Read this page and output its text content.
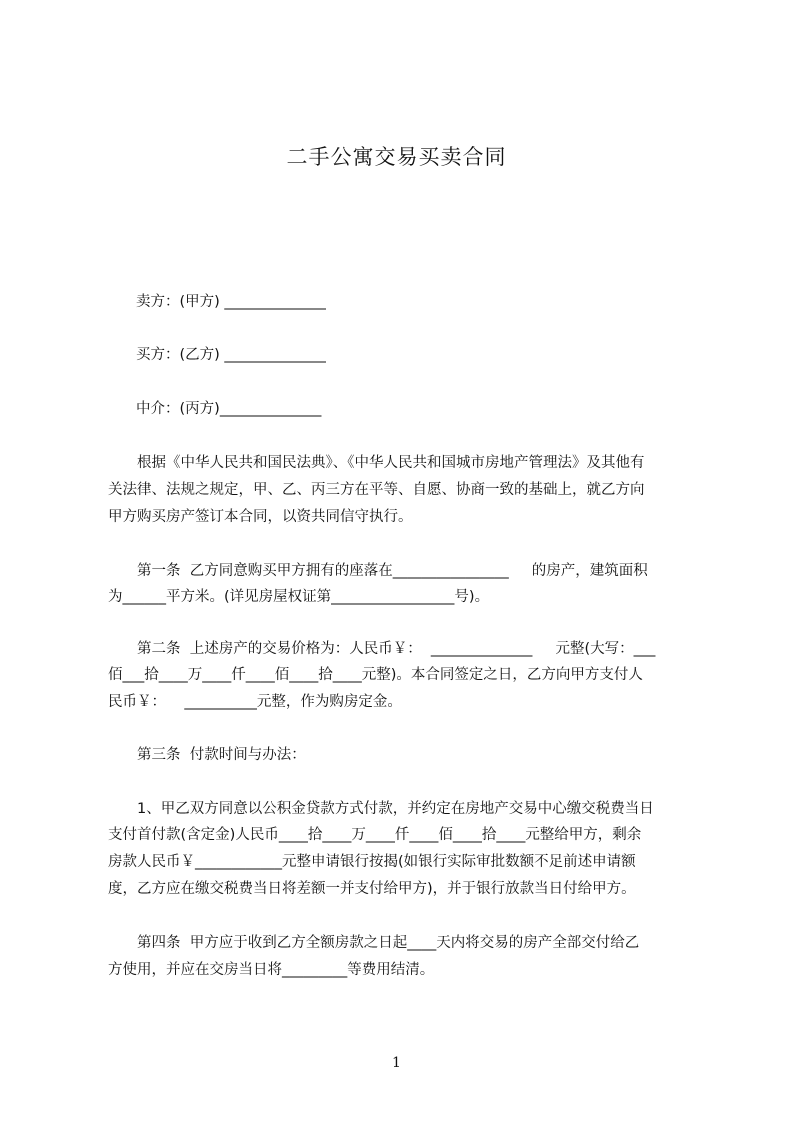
二手公寓交易买卖合同
卖方：(甲方) ______________
买方：(乙方) ______________
中介：(丙方)______________
根据《中华人民共和国民法典》、《中华人民共和国城市房地产管理法》及其他有
关法律、法规之规定，甲、乙、丙三方在平等、自愿、协商一致的基础上，就乙方向
甲方购买房产签订本合同，以资共同信守执行。
第一条  乙方同意购买甲方拥有的座落在________________     的房产，建筑面积
为______平方米。(详见房屋权证第_________________号)。
第二条  上述房产的交易价格为：人民币￥：  ______________     元整(大写：___
佰___拾____万____仟____佰____拾____元整)。本合同签定之日，乙方向甲方支付人
民币￥：    __________元整，作为购房定金。
第三条  付款时间与办法：
1、甲乙双方同意以公积金贷款方式付款，并约定在房地产交易中心缴交税费当日
支付首付款(含定金)人民币____拾____万____仟____佰____拾____元整给甲方，剩余
房款人民币￥____________元整申请银行按揭(如银行实际审批数额不足前述申请额
度，乙方应在缴交税费当日将差额一并支付给甲方)，并于银行放款当日付给甲方。
第四条  甲方应于收到乙方全额房款之日起____天内将交易的房产全部交付给乙
方使用，并应在交房当日将_________等费用结清。
1
